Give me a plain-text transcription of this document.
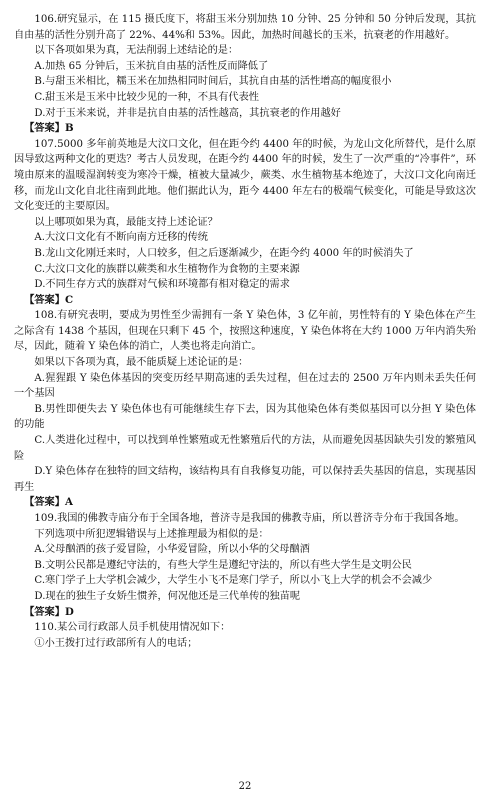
106.研究显示，在 115 摄氏度下，将甜玉米分别加热 10 分钟、25 分钟和 50 分钟后发现，其抗自由基的活性分别升高了 22%、44%和 53%。因此，加热时间越长的玉米，抗衰老的作用越好。
以下各项如果为真，无法削弱上述结论的是：
A.加热 65 分钟后，玉米抗自由基的活性反而降低了
B.与甜玉米相比，糯玉米在加热相同时间后，其抗自由基的活性增高的幅度很小
C.甜玉米是玉米中比较少见的一种，不具有代表性
D.对于玉米来说，并非是抗自由基的活性越高，其抗衰老的作用越好
【答案】B
107.5000 多年前英地是大汶口文化，但在距今约 4400 年的时候，为龙山文化所替代，是什么原因导致这两种文化的更迭？考古人员发现，在距今约 4400 年的时候，发生了一次严重的“冷事件”，环境由原来的温暖湿润转变为寒冷干燥，植被大量减少，蕨类、水生植物基本绝迹了，大汶口文化向南迁移，而龙山文化自北往南到此地。他们据此认为，距今 4400 年左右的极端气候变化，可能是导致这次文化变迁的主要原因。
以上哪项如果为真，最能支持上述论证？
A.大汶口文化有不断向南方迁移的传统
B.龙山文化刚迁来时，人口较多，但之后逐渐减少，在距今约 4000 年的时候消失了
C.大汶口文化的族群以蕨类和水生植物作为食物的主要来源
D.不同生存方式的族群对气候和环境都有相对稳定的需求
【答案】C
108.有研究表明，要成为男性至少需拥有一条 Y 染色体，3 亿年前，男性特有的 Y 染色体在产生之际含有 1438 个基因，但现在只剩下 45 个，按照这种速度，Y 染色体将在大约 1000 万年内消失殆尽，因此，随着 Y 染色体的消亡，人类也将走向消亡。
如果以下各项为真，最不能质疑上述论证的是：
A.猩猩跟 Y 染色体基因的突变历经早期高速的丢失过程，但在过去的 2500 万年内则未丢失任何一个基因
B.男性即便失去 Y 染色体也有可能继续生存下去，因为其他染色体有类似基因可以分担 Y 染色体的功能
C.人类进化过程中，可以找到单性繁殖或无性繁殖后代的方法，从而避免因基因缺失引发的繁殖风险
D.Y 染色体存在独特的回文结构，该结构具有自我修复功能，可以保持丢失基因的信息，实现基因再生
【答案】A
109.我国的佛教寺庙分布于全国各地，普济寺是我国的佛教寺庙，所以普济寺分布于我国各地。
下列选项中所犯逻辑错误与上述推理最为相似的是：
A.父母酗酒的孩子爱冒险，小华爱冒险，所以小华的父母酗酒
B.文明公民都是遵纪守法的，有些大学生是遵纪守法的，所以有些大学生是文明公民
C.寒门学子上大学机会减少，大学生小飞不是寒门学子，所以小飞上大学的机会不会减少
D.现在的独生子女娇生惯养，何况他还是三代单传的独苗呢
【答案】D
110.某公司行政部人员手机使用情况如下：
①小王拨打过行政部所有人的电话；
22
